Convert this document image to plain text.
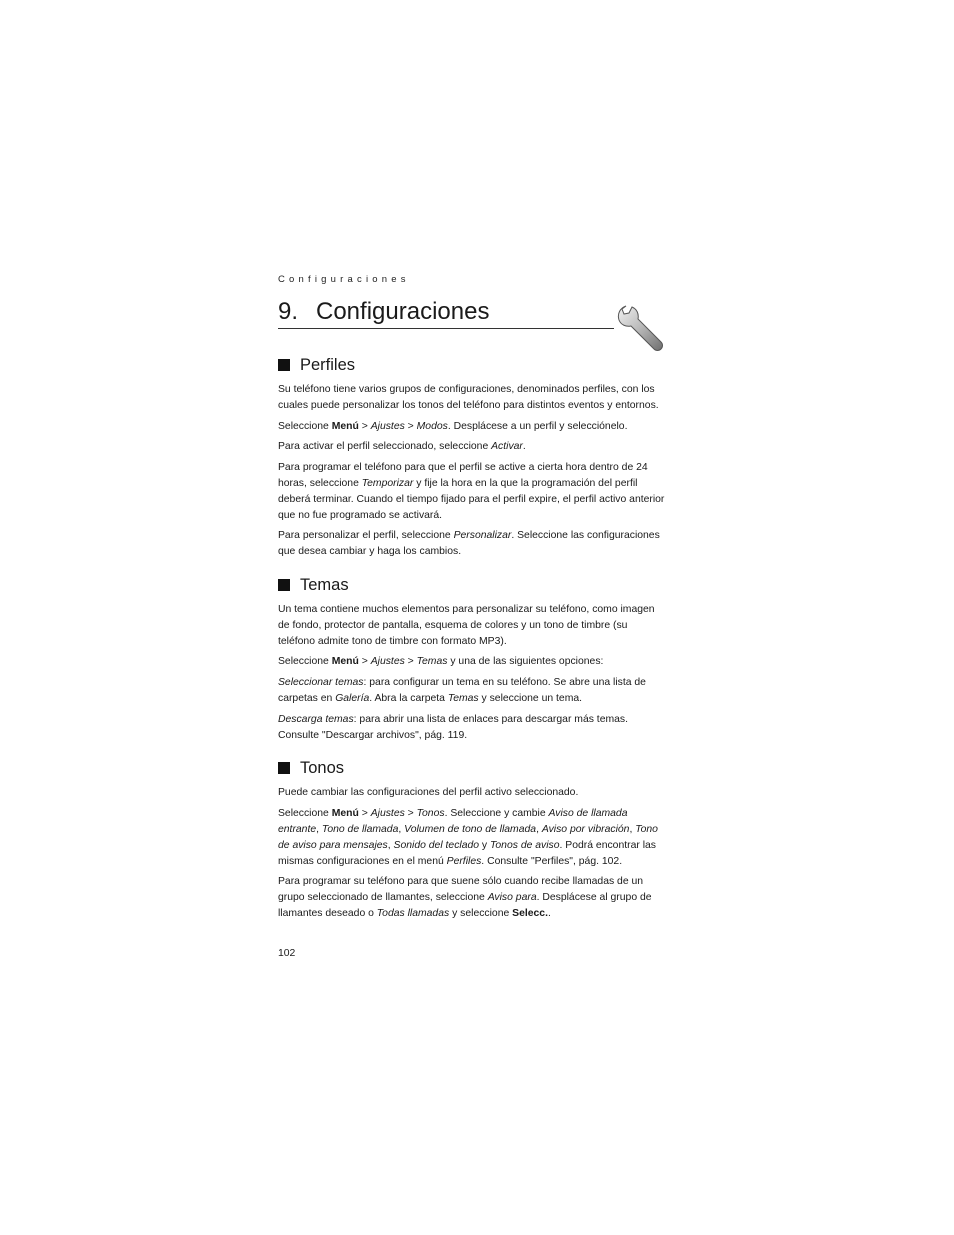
Configuraciones
9. Configuraciones
Perfiles

Su teléfono tiene varios grupos de configuraciones, denominados perfiles, con los cuales puede personalizar los tonos del teléfono para distintos eventos y entornos.

Seleccione Menú > Ajustes > Modos. Desplácese a un perfil y selecciónelo.

Para activar el perfil seleccionado, seleccione Activar.

Para programar el teléfono para que el perfil se active a cierta hora dentro de 24 horas, seleccione Temporizar y fije la hora en la que la programación del perfil deberá terminar. Cuando el tiempo fijado para el perfil expire, el perfil activo anterior que no fue programado se activará.

Para personalizar el perfil, seleccione Personalizar. Seleccione las configuraciones que desea cambiar y haga los cambios.

Temas

Un tema contiene muchos elementos para personalizar su teléfono, como imagen de fondo, protector de pantalla, esquema de colores y un tono de timbre (su teléfono admite tono de timbre con formato MP3).

Seleccione Menú > Ajustes > Temas y una de las siguientes opciones:

Seleccionar temas: para configurar un tema en su teléfono. Se abre una lista de carpetas en Galería. Abra la carpeta Temas y seleccione un tema.

Descarga temas: para abrir una lista de enlaces para descargar más temas. Consulte "Descargar archivos", pág. 119.

Tonos

Puede cambiar las configuraciones del perfil activo seleccionado.

Seleccione Menú > Ajustes > Tonos. Seleccione y cambie Aviso de llamada entrante, Tono de llamada, Volumen de tono de llamada, Aviso por vibración, Tono de aviso para mensajes, Sonido del teclado y Tonos de aviso. Podrá encontrar las mismas configuraciones en el menú Perfiles. Consulte "Perfiles", pág. 102.

Para programar su teléfono para que suene sólo cuando recibe llamadas de un grupo seleccionado de llamantes, seleccione Aviso para. Desplácese al grupo de llamantes deseado o Todas llamadas y seleccione Selecc..

102
